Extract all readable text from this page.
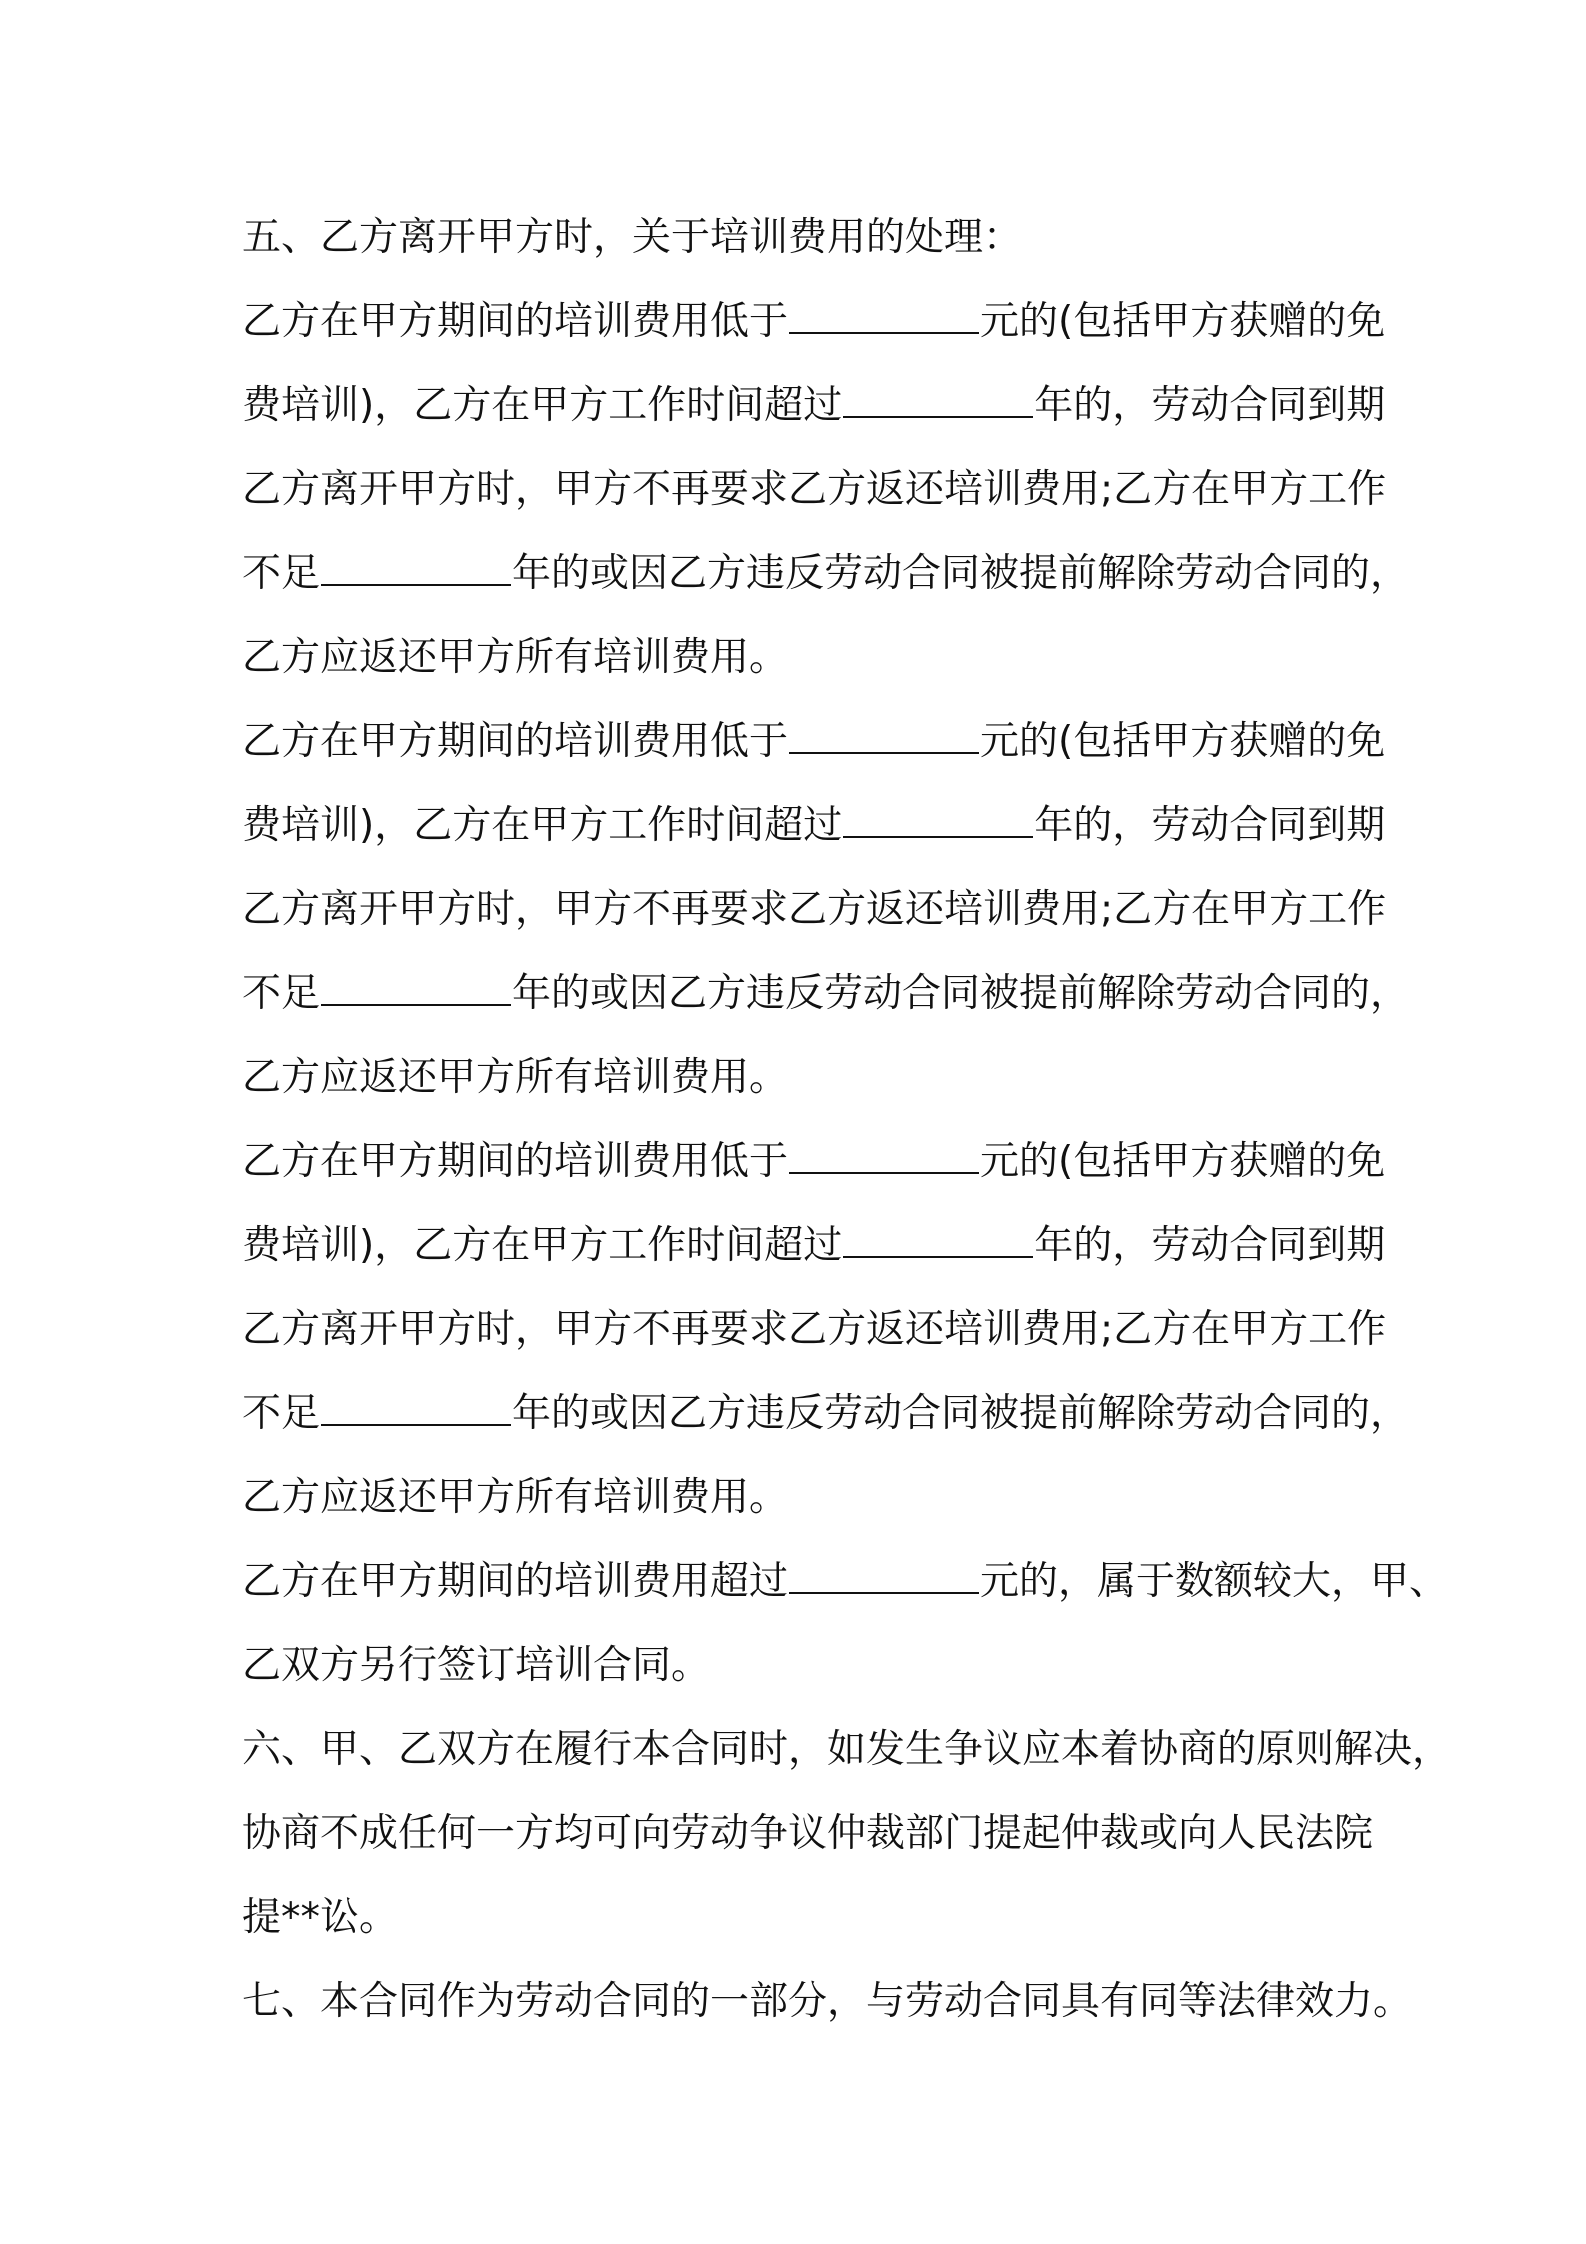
五、乙方离开甲方时，关于培训费用的处理：
乙方在甲方期间的培训费用低于	元的(包括甲方获赠的免
费培训)，乙方在甲方工作时间超过	年的，劳动合同到期
乙方离开甲方时，甲方不再要求乙方返还培训费用;乙方在甲方工作
不足	年的或因乙方违反劳动合同被提前解除劳动合同的，
乙方应返还甲方所有培训费用。
乙方在甲方期间的培训费用低于	元的(包括甲方获赠的免
费培训)，乙方在甲方工作时间超过	年的，劳动合同到期
乙方离开甲方时，甲方不再要求乙方返还培训费用;乙方在甲方工作
不足	年的或因乙方违反劳动合同被提前解除劳动合同的，
乙方应返还甲方所有培训费用。
乙方在甲方期间的培训费用低于	元的(包括甲方获赠的免
费培训)，乙方在甲方工作时间超过	年的，劳动合同到期
乙方离开甲方时，甲方不再要求乙方返还培训费用;乙方在甲方工作
不足	年的或因乙方违反劳动合同被提前解除劳动合同的，
乙方应返还甲方所有培训费用。
乙方在甲方期间的培训费用超过	元的，属于数额较大，甲、
乙双方另行签订培训合同。
六、甲、乙双方在履行本合同时，如发生争议应本着协商的原则解决，
协商不成任何一方均可向劳动争议仲裁部门提起仲裁或向人民法院
提**讼。
七、本合同作为劳动合同的一部分，与劳动合同具有同等法律效力。
